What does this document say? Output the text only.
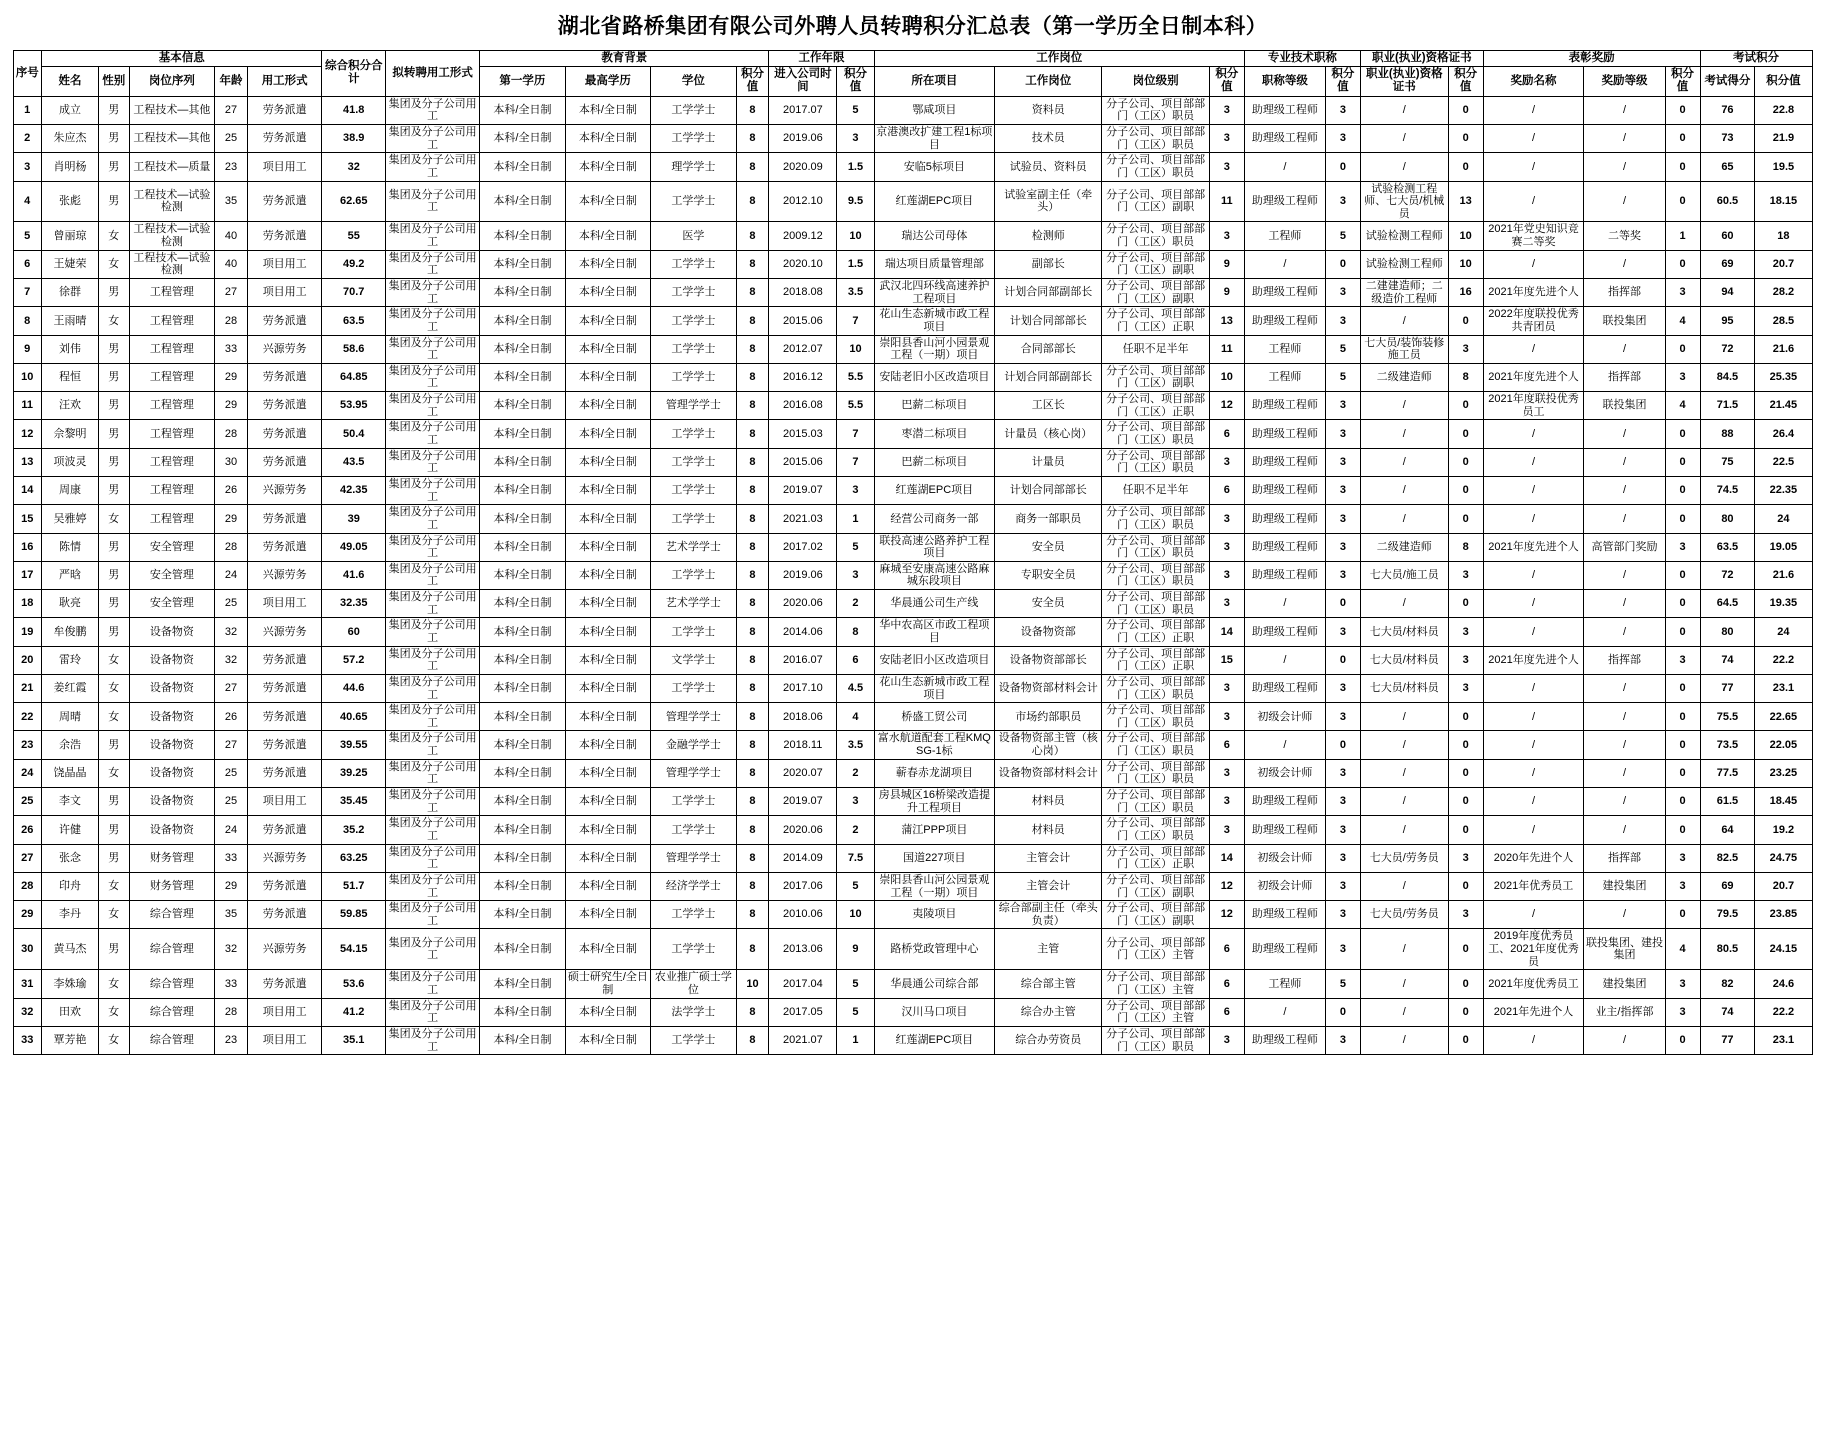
湖北省路桥集团有限公司外聘人员转聘积分汇总表（第一学历全日制本科）
序号	基本信息					综合积分合计	拟转聘用工形式	教育背景				工作年限		工作岗位				专业技术职称		职业(执业)资格证书		表彰奖励			考试积分	
	姓名	性别	岗位序列	年龄	用工形式			第一学历	最高学历	学位	积分值	进入公司时间	积分值	所在项目	工作岗位	岗位级别	积分值	职称等级	积分值	职业(执业)资格证书	积分值	奖励名称	奖励等级	积分值	考试得分	积分值
1	成立	男	工程技术—其他	27	劳务派遣	41.8	集团及分子公司用工	本科/全日制	本科/全日制	工学学士	8	2017.07	5	鄂咸项目	资料员	分子公司、项目部部门（工区）职员	3	助理级工程师	3	/	0	/	/	0	76	22.8
2	朱应杰	男	工程技术—其他	25	劳务派遣	38.9	集团及分子公司用工	本科/全日制	本科/全日制	工学学士	8	2019.06	3	京港澳改扩建工程1标项目	技术员	分子公司、项目部部门（工区）职员	3	助理级工程师	3	/	0	/	/	0	73	21.9
3	肖明杨	男	工程技术—质量	23	项目用工	32	集团及分子公司用工	本科/全日制	本科/全日制	理学学士	8	2020.09	1.5	安临5标项目	试验员、资料员	分子公司、项目部部门（工区）职员	3	/	0	/	0	/	/	0	65	19.5
4	张彪	男	工程技术—试验检测	35	劳务派遣	62.65	集团及分子公司用工	本科/全日制	本科/全日制	工学学士	8	2012.10	9.5	红莲湖EPC项目	试验室副主任（牵头）	分子公司、项目部部门（工区）副职	11	助理级工程师	3	试验检测工程师、七大员/机械员	13	/	/	0	60.5	18.15
5	曾丽琼	女	工程技术—试验检测	40	劳务派遣	55	集团及分子公司用工	本科/全日制	本科/全日制	医学	8	2009.12	10	瑞达公司母体	检测师	分子公司、项目部部门（工区）职员	3	工程师	5	试验检测工程师	10	2021年党史知识竞赛二等奖	二等奖	1	60	18
6	王婕荣	女	工程技术—试验检测	40	项目用工	49.2	集团及分子公司用工	本科/全日制	本科/全日制	工学学士	8	2020.10	1.5	瑞达项目质量管理部	副部长	分子公司、项目部部门（工区）副职	9	/	0	试验检测工程师	10	/	/	0	69	20.7
7	徐群	男	工程管理	27	项目用工	70.7	集团及分子公司用工	本科/全日制	本科/全日制	工学学士	8	2018.08	3.5	武汉北四环线高速养护工程项目	计划合同部副部长	分子公司、项目部部门（工区）副职	9	助理级工程师	3	二建建造师；二级造价工程师	16	2021年度先进个人	指挥部	3	94	28.2
8	王雨晴	女	工程管理	28	劳务派遣	63.5	集团及分子公司用工	本科/全日制	本科/全日制	工学学士	8	2015.06	7	花山生态新城市政工程项目	计划合同部部长	分子公司、项目部部门（工区）正职	13	助理级工程师	3	/	0	2022年度联投优秀共青团员	联投集团	4	95	28.5
9	刘伟	男	工程管理	33	兴源劳务	58.6	集团及分子公司用工	本科/全日制	本科/全日制	工学学士	8	2012.07	10	崇阳县香山河小园景观工程（一期）项目	合同部部长	任职不足半年	11	工程师	5	七大员/装饰装修施工员	3	/	/	0	72	21.6
10	程恒	男	工程管理	29	劳务派遣	64.85	集团及分子公司用工	本科/全日制	本科/全日制	工学学士	8	2016.12	5.5	安陆老旧小区改造项目	计划合同部副部长	分子公司、项目部部门（工区）副职	10	工程师	5	二级建造师	8	2021年度先进个人	指挥部	3	84.5	25.35
11	汪欢	男	工程管理	29	劳务派遣	53.95	集团及分子公司用工	本科/全日制	本科/全日制	管理学学士	8	2016.08	5.5	巴薪二标项目	工区长	分子公司、项目部部门（工区）正职	12	助理级工程师	3	/	0	2021年度联投优秀员工	联投集团	4	71.5	21.45
12	佘黎明	男	工程管理	28	劳务派遣	50.4	集团及分子公司用工	本科/全日制	本科/全日制	工学学士	8	2015.03	7	枣潜二标项目	计量员（核心岗）	分子公司、项目部部门（工区）职员	6	助理级工程师	3	/	0	/	/	0	88	26.4
13	项波灵	男	工程管理	30	劳务派遣	43.5	集团及分子公司用工	本科/全日制	本科/全日制	工学学士	8	2015.06	7	巴薪二标项目	计量员	分子公司、项目部部门（工区）职员	3	助理级工程师	3	/	0	/	/	0	75	22.5
14	周康	男	工程管理	26	兴源劳务	42.35	集团及分子公司用工	本科/全日制	本科/全日制	工学学士	8	2019.07	3	红莲湖EPC项目	计划合同部部长	任职不足半年	6	助理级工程师	3	/	0	/	/	0	74.5	22.35
15	吴雅婷	女	工程管理	29	劳务派遣	39	集团及分子公司用工	本科/全日制	本科/全日制	工学学士	8	2021.03	1	经营公司商务一部	商务一部职员	分子公司、项目部部门（工区）职员	3	助理级工程师	3	/	0	/	/	0	80	24
16	陈情	男	安全管理	28	劳务派遣	49.05	集团及分子公司用工	本科/全日制	本科/全日制	艺术学学士	8	2017.02	5	联投高速公路养护工程项目	安全员	分子公司、项目部部门（工区）职员	3	助理级工程师	3	二级建造师	8	2021年度先进个人	高管部门奖励	3	63.5	19.05
17	严晗	男	安全管理	24	兴源劳务	41.6	集团及分子公司用工	本科/全日制	本科/全日制	工学学士	8	2019.06	3	麻城至安康高速公路麻城东段项目	专职安全员	分子公司、项目部部门（工区）职员	3	助理级工程师	3	七大员/施工员	3	/	/	0	72	21.6
18	耿亮	男	安全管理	25	项目用工	32.35	集团及分子公司用工	本科/全日制	本科/全日制	艺术学学士	8	2020.06	2	华晨通公司生产线	安全员	分子公司、项目部部门（工区）职员	3	/	0	/	0	/	/	0	64.5	19.35
19	牟俊鹏	男	设备物资	32	兴源劳务	60	集团及分子公司用工	本科/全日制	本科/全日制	工学学士	8	2014.06	8	华中农高区市政工程项目	设备物资部	分子公司、项目部部门（工区）正职	14	助理级工程师	3	七大员/材料员	3	/	/	0	80	24
20	雷玲	女	设备物资	32	劳务派遣	57.2	集团及分子公司用工	本科/全日制	本科/全日制	文学学士	8	2016.07	6	安陆老旧小区改造项目	设备物资部部长	分子公司、项目部部门（工区）正职	15	/	0	七大员/材料员	3	2021年度先进个人	指挥部	3	74	22.2
21	姜红霞	女	设备物资	27	劳务派遣	44.6	集团及分子公司用工	本科/全日制	本科/全日制	工学学士	8	2017.10	4.5	花山生态新城市政工程项目	设备物资部材料会计	分子公司、项目部部门（工区）职员	3	助理级工程师	3	七大员/材料员	3	/	/	0	77	23.1
22	周晴	女	设备物资	26	劳务派遣	40.65	集团及分子公司用工	本科/全日制	本科/全日制	管理学学士	8	2018.06	4	桥盛工贸公司	市场约部职员	分子公司、项目部部门（工区）职员	3	初级会计师	3	/	0	/	/	0	75.5	22.65
23	余浩	男	设备物资	27	劳务派遣	39.55	集团及分子公司用工	本科/全日制	本科/全日制	金融学学士	8	2018.11	3.5	富水航道配套工程KMQSG-1标	设备物资部主管（核心岗）	分子公司、项目部部门（工区）职员	6	/	0	/	0	/	/	0	73.5	22.05
24	饶晶晶	女	设备物资	25	劳务派遣	39.25	集团及分子公司用工	本科/全日制	本科/全日制	管理学学士	8	2020.07	2	蕲春赤龙湖项目	设备物资部材料会计	分子公司、项目部部门（工区）职员	3	初级会计师	3	/	0	/	/	0	77.5	23.25
25	李文	男	设备物资	25	项目用工	35.45	集团及分子公司用工	本科/全日制	本科/全日制	工学学士	8	2019.07	3	房县城区16桥梁改造提升工程项目	材料员	分子公司、项目部部门（工区）职员	3	助理级工程师	3	/	0	/	/	0	61.5	18.45
26	许健	男	设备物资	24	劳务派遣	35.2	集团及分子公司用工	本科/全日制	本科/全日制	工学学士	8	2020.06	2	蒲江PPP项目	材料员	分子公司、项目部部门（工区）职员	3	助理级工程师	3	/	0	/	/	0	64	19.2
27	张念	男	财务管理	33	兴源劳务	63.25	集团及分子公司用工	本科/全日制	本科/全日制	管理学学士	8	2014.09	7.5	国道227项目	主管会计	分子公司、项目部部门（工区）正职	14	初级会计师	3	七大员/劳务员	3	2020年先进个人	指挥部	3	82.5	24.75
28	印舟	女	财务管理	29	劳务派遣	51.7	集团及分子公司用工	本科/全日制	本科/全日制	经济学学士	8	2017.06	5	崇阳县香山河公园景观工程（一期）项目	主管会计	分子公司、项目部部门（工区）副职	12	初级会计师	3	/	0	2021年优秀员工	建投集团	3	69	20.7
29	李丹	女	综合管理	35	劳务派遣	59.85	集团及分子公司用工	本科/全日制	本科/全日制	工学学士	8	2010.06	10	夷陵项目	综合部副主任（牵头负责）	分子公司、项目部部门（工区）副职	12	助理级工程师	3	七大员/劳务员	3	/	/	0	79.5	23.85
30	黄马杰	男	综合管理	32	兴源劳务	54.15	集团及分子公司用工	本科/全日制	本科/全日制	工学学士	8	2013.06	9	路桥党政管理中心	主管	分子公司、项目部部门（工区）主管	6	助理级工程师	3	/	0	2019年度优秀员工、2021年度优秀员	联投集团、建投集团	4	80.5	24.15
31	李姝瑜	女	综合管理	33	劳务派遣	53.6	集团及分子公司用工	本科/全日制	硕士研究生/全日制	农业推广硕士学位	10	2017.04	5	华晨通公司综合部	综合部主管	分子公司、项目部部门（工区）主管	6	工程师	5	/	0	2021年度优秀员工	建投集团	3	82	24.6
32	田欢	女	综合管理	28	项目用工	41.2	集团及分子公司用工	本科/全日制	本科/全日制	法学学士	8	2017.05	5	汉川马口项目	综合办主管	分子公司、项目部部门（工区）主管	6	/	0	/	0	2021年先进个人	业主/指挥部	3	74	22.2
33	覃芳艳	女	综合管理	23	项目用工	35.1	集团及分子公司用工	本科/全日制	本科/全日制	工学学士	8	2021.07	1	红莲湖EPC项目	综合办劳资员	分子公司、项目部部门（工区）职员	3	助理级工程师	3	/	0	/	/	0	77	23.1
